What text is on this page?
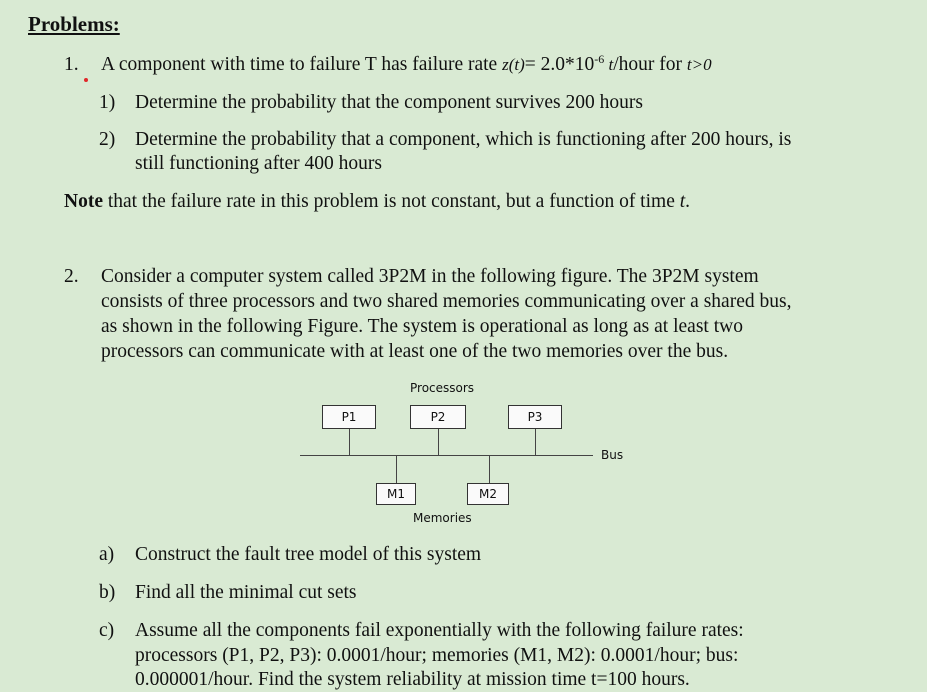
Problems:
1. A component with time to failure T has failure rate $z(t)= 2.0*10^{-6}$ t/hour for t>0
1) Determine the probability that the component survives 200 hours
2) Determine the probability that a component, which is functioning after 200 hours, is
still functioning after 400 hours
Note that the failure rate in this problem is not constant, but a function of time t.
2. Consider a computer system called 3P2M in the following figure. The 3P2M system
consists of three processors and two shared memories communicating over a shared bus,
as shown in the following Figure. The system is operational as long as at least two
processors can communicate with at least one of the two memories over the bus.
Processors
P1	P2	P3
Bus
M1	M2
Memories
a) Construct the fault tree model of this system
b) Find all the minimal cut sets
c) Assume all the components fail exponentially with the following failure rates:
processors (P1, P2, P3): 0.0001/hour; memories (M1, M2): 0.0001/hour; bus:
0.000001/hour. Find the system reliability at mission time t=100 hours.
